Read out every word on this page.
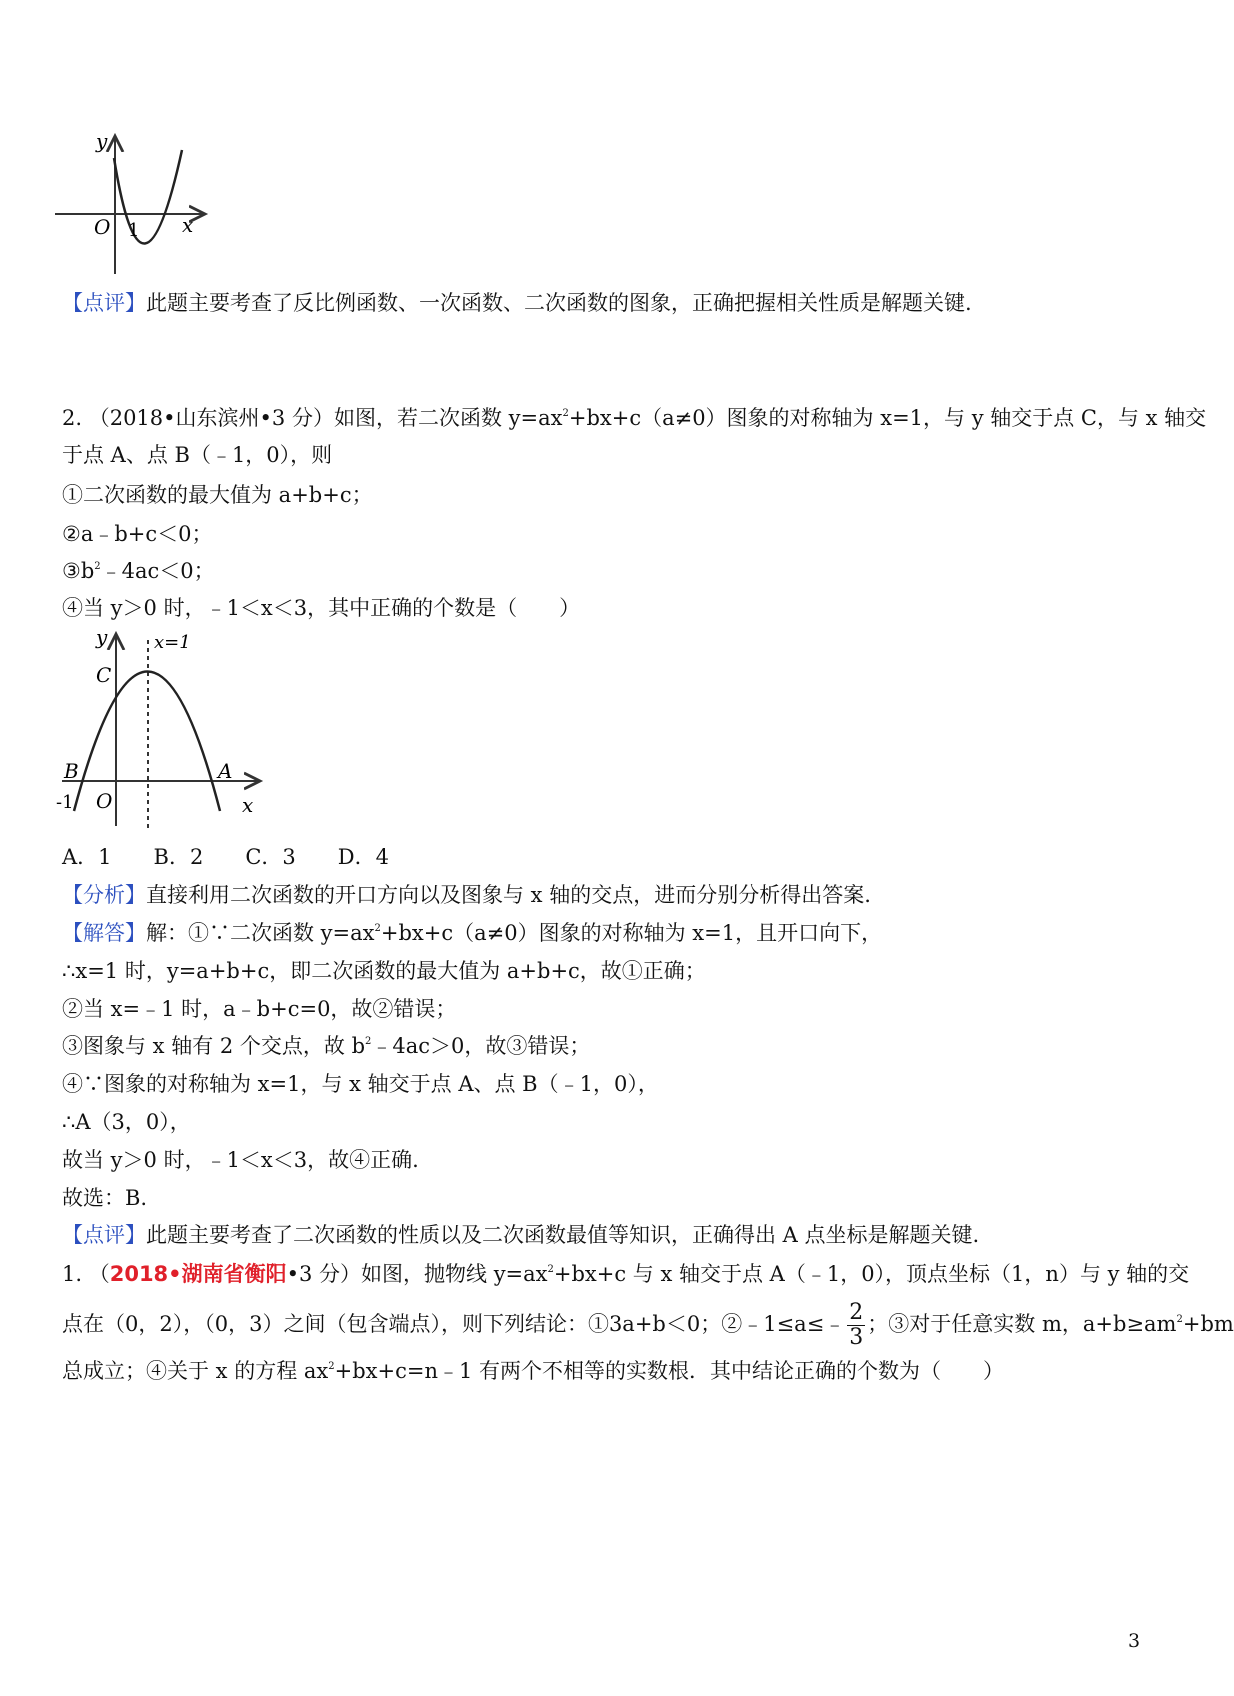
y
O 1 x
【点评】此题主要考查了反比例函数、一次函数、二次函数的图象，正确把握相关性质是解题关键.
2. （2018•山东滨州•3 分）如图，若二次函数 $y=ax^2+bx+c(a\ne 0)$图象的对称轴为 x=1，与 y 轴交于点 C，与 x 轴交
于点 A、点 B（﹣1，0），则
①二次函数的最大值为 a+b+c；
②a﹣b+c＜0；
$③b^2﹣4ac<0$；
④当 y＞0 时，﹣1＜x＜3，其中正确的个数是（　　）
y	x=1
C
B	A
-1 O	x
A．1　　B．2　　C．3　　D．4
【分析】直接利用二次函数的开口方向以及图象与 x 轴的交点，进而分别分析得出答案.
【解答】解：①∵二次函数 $y=ax^2+bx+c(a\ne 0)$图象的对称轴为 x=1，且开口向下，
∴x=1 时，y=a+b+c，即二次函数的最大值为 a+b+c，故①正确；
②当 x=﹣1 时，a﹣b+c=0，故②错误；
③图象与 x 轴有 2 个交点，故 $b^2﹣4ac>0$，故③错误；
④∵图象的对称轴为 x=1，与 x 轴交于点 A、点 B（﹣1，0），
∴A（3，0），
故当 y＞0 时，﹣1＜x＜3，故④正确.
故选：B.
【点评】此题主要考查了二次函数的性质以及二次函数最值等知识，正确得出 A 点坐标是解题关键.
1. （2018•湖南省衡阳•3 分）如图，抛物线 $y=ax^2+bx+c$ 与 x 轴交于点 A（﹣1，0），顶点坐标（1，n）与 y 轴的交
点在（0，2），（0，3）之间（包含端点），则下列结论：①3a+b＜0；②﹣1≤a≤﹣ $\frac{2}{3}$ ；③对于任意实数 m，$a+b\ge am^2+bm$
总成立；④关于 x 的方程 $ax^2+bx+c=n﹣1$ 有两个不相等的实数根．其中结论正确的个数为（　　）
3
